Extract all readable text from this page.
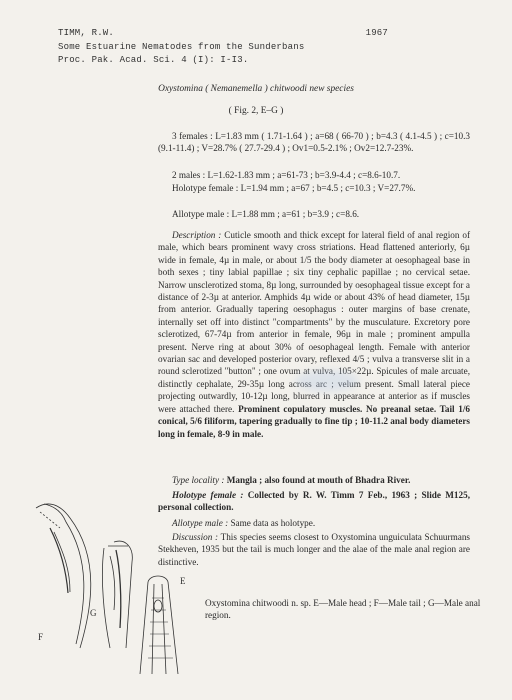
TIMM, R.W.	1967
Some Estuarine Nematodes from the Sunderbans
Proc. Pak. Acad. Sci. 4 (I): I-I3.
Oxystomina ( Nemanemella ) chitwoodi new species
( Fig. 2, E–G )
3 females : L=1.83 mm ( 1.71-1.64 ) ; a=68 ( 66-70 ) ; b=4.3 ( 4.1-4.5 ) ; c=10.3 (9.1-11.4) ; V=28.7% ( 27.7-29.4 ) ; Ov1=0.5-2.1% ; Ov2=12.7-23%.
2 males : L=1.62-1.83 mm ; a=61-73 ; b=3.9-4.4 ; c=8.6-10.7.
Holotype female : L=1.94 mm ; a=67 ; b=4.5 ; c=10.3 ; V=27.7%.
Allotype male : L=1.88 mm ; a=61 ; b=3.9 ; c=8.6.
Description : Cuticle smooth and thick except for lateral field of anal region of male, which bears prominent wavy cross striations. Head flattened anteriorly, 6µ wide in female, 4µ in male, or about 1/5 the body diameter at oesophageal base in both sexes ; tiny labial papillae ; six tiny cephalic papillae ; no cervical setae. Narrow unsclerotized stoma, 8µ long, surrounded by oesophageal tissue except for a distance of 2-3µ at anterior. Amphids 4µ wide or about 43% of head diameter, 15µ from anterior. Gradually tapering oesophagus : outer margins of base crenate, internally set off into distinct "compartments" by the musculature. Excretory pore sclerotized, 67-74µ from anterior in female, 96µ in male ; prominent ampulla present. Nerve ring at about 30% of oesophageal length. Female with anterior ovarian sac and developed posterior ovary, reflexed 4/5 ; vulva a transverse slit in a round sclerotized "button" ; one ovum at vulva, 105×22µ. Spicules of male arcuate, distinctly cephalate, 29-35µ long across arc ; velum present. Small lateral piece projecting outwardly, 10-12µ long, blurred in appearance at anterior as if muscles were attached there. Prominent copulatory muscles. No preanal setae. Tail 1/6 conical, 5/6 filiform, tapering gradually to fine tip ; 10-11.2 anal body diameters long in female, 8-9 in male.
Type locality : Mangla ; also found at mouth of Bhadra River.
Holotype female : Collected by R. W. Timm 7 Feb., 1963 ; Slide M125, personal collection.
Allotype male : Same data as holotype.
Discussion : This species seems closest to Oxystomina unguiculata Schuurmans Stekheven, 1935 but the tail is much longer and the alae of the male anal region are distinctive.
F
G
E
Oxystomina chitwoodi n. sp. E—Male head ; F—Male tail ; G—Male anal region.
